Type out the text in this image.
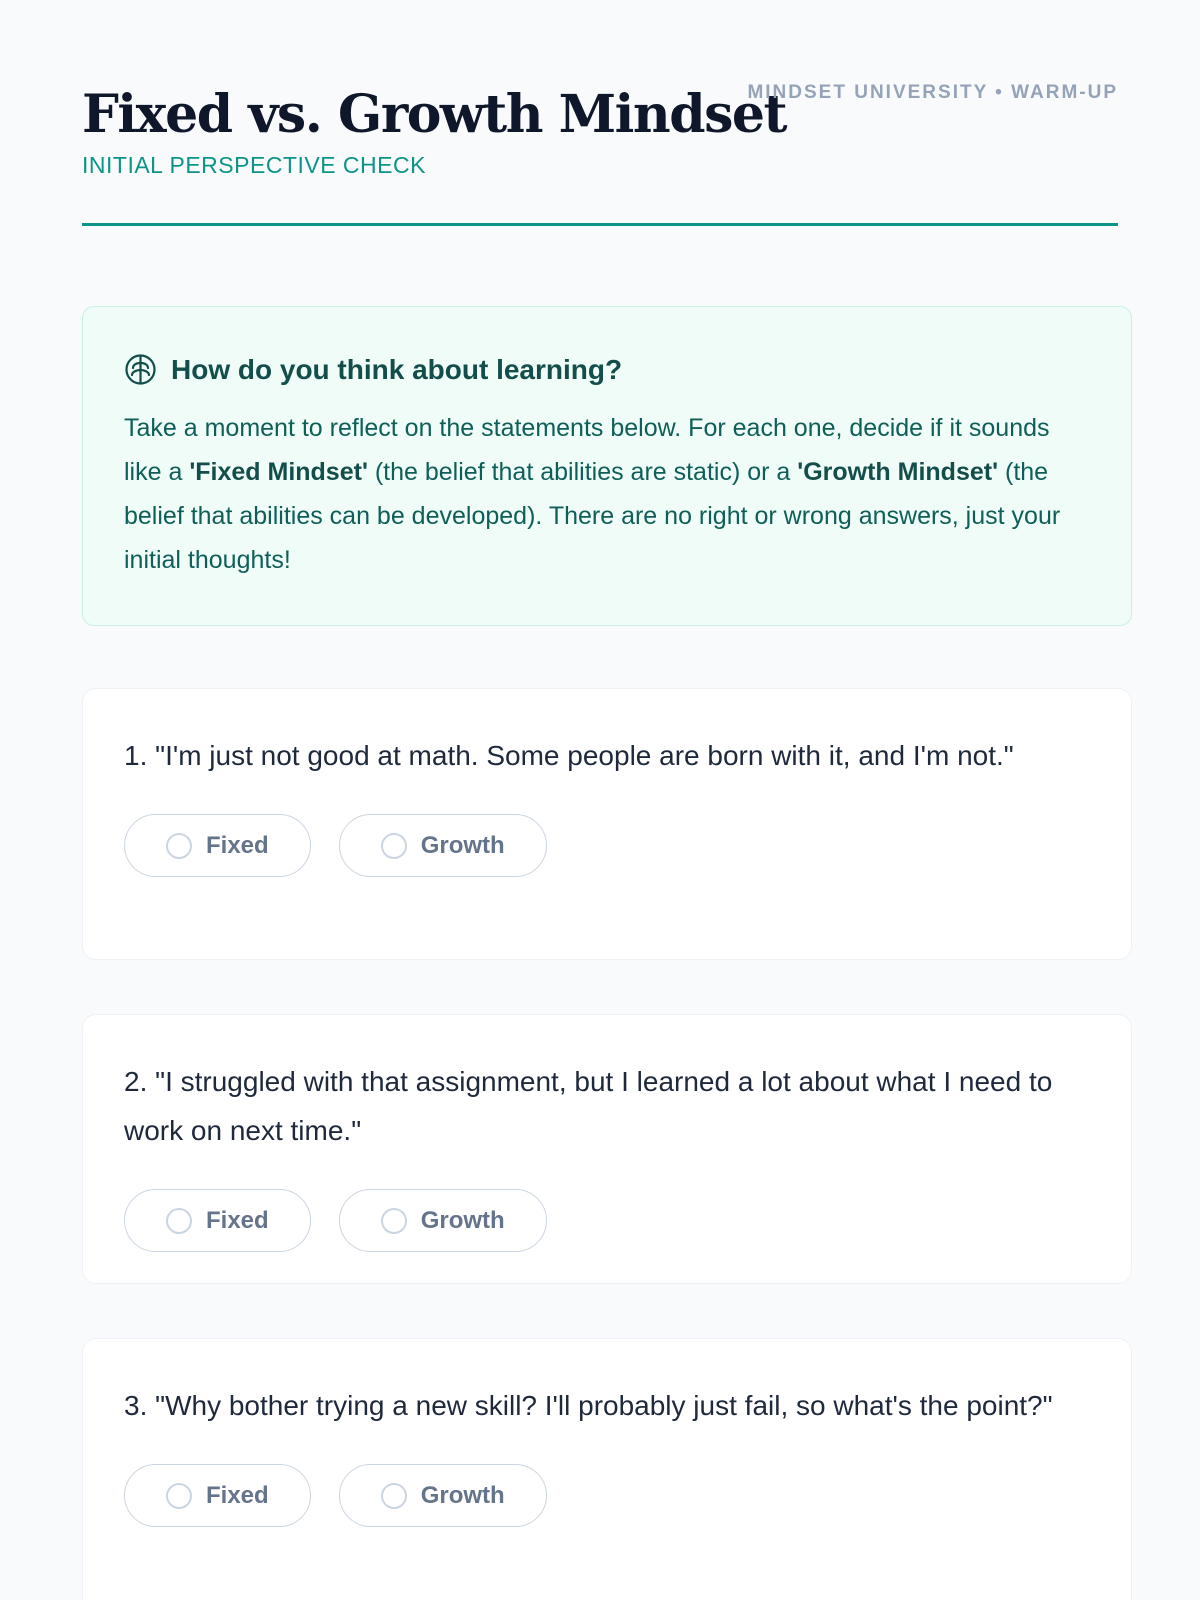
Fixed vs. Growth Mindset
INITIAL PERSPECTIVE CHECK
MINDSET UNIVERSITY • WARM-UP
How do you think about learning?

Take a moment to reflect on the statements below. For each one, decide if it sounds like a 'Fixed Mindset' (the belief that abilities are static) or a 'Growth Mindset' (the belief that abilities can be developed). There are no right or wrong answers, just your initial thoughts!

1. "I'm just not good at math. Some people are born with it, and I'm not."

Fixed	Growth

2. "I struggled with that assignment, but I learned a lot about what I need to work on next time."

Fixed	Growth

3. "Why bother trying a new skill? I'll probably just fail, so what's the point?"

Fixed	Growth
